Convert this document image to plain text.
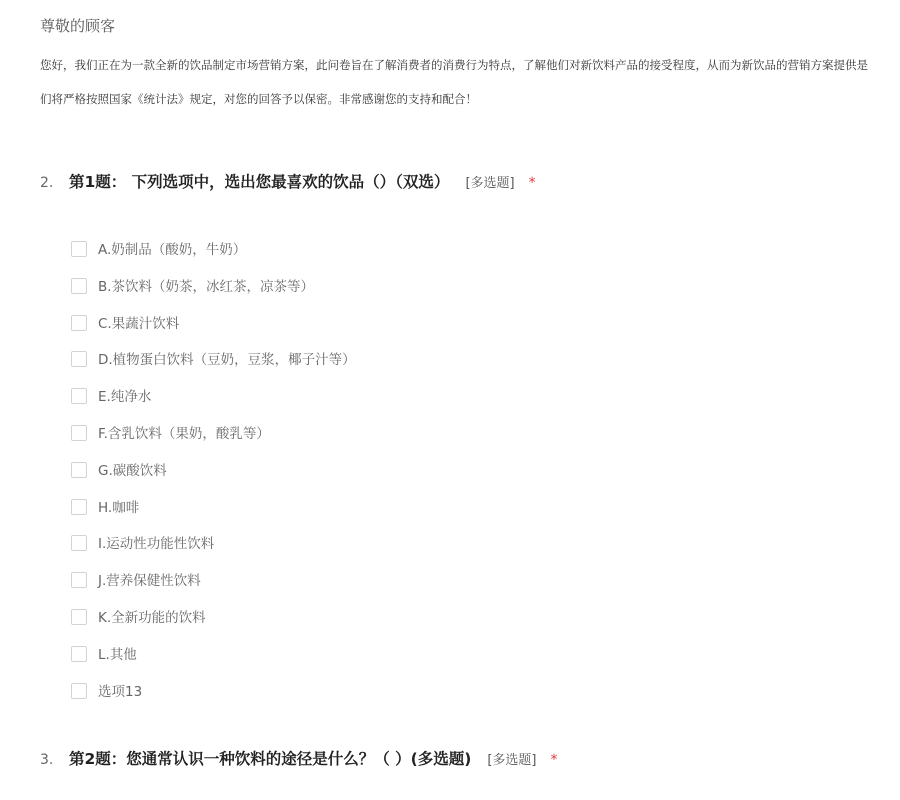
尊敬的顾客
您好，我们正在为一款全新的饮品制定市场营销方案，此问卷旨在了解消费者的消费行为特点，了解他们对新饮料产品的接受程度，从而为新饮品的营销方案提供是
们将严格按照国家《统计法》规定，对您的回答予以保密。非常感谢您的支持和配合！
2.	第1题： 下列选项中，选出您最喜欢的饮品（）（双选） [多选题] *
A.奶制品（酸奶，牛奶）
B.茶饮料（奶茶，冰红茶，凉茶等）
C.果蔬汁饮料
D.植物蛋白饮料（豆奶，豆浆，椰子汁等）
E.纯净水
F.含乳饮料（果奶，酸乳等）
G.碳酸饮料
H.咖啡
I.运动性功能性饮料
J.营养保健性饮料
K.全新功能的饮料
L.其他
选项13
3.	第2题：您通常认识一种饮料的途径是什么？（ ）(多选题) [多选题] *
